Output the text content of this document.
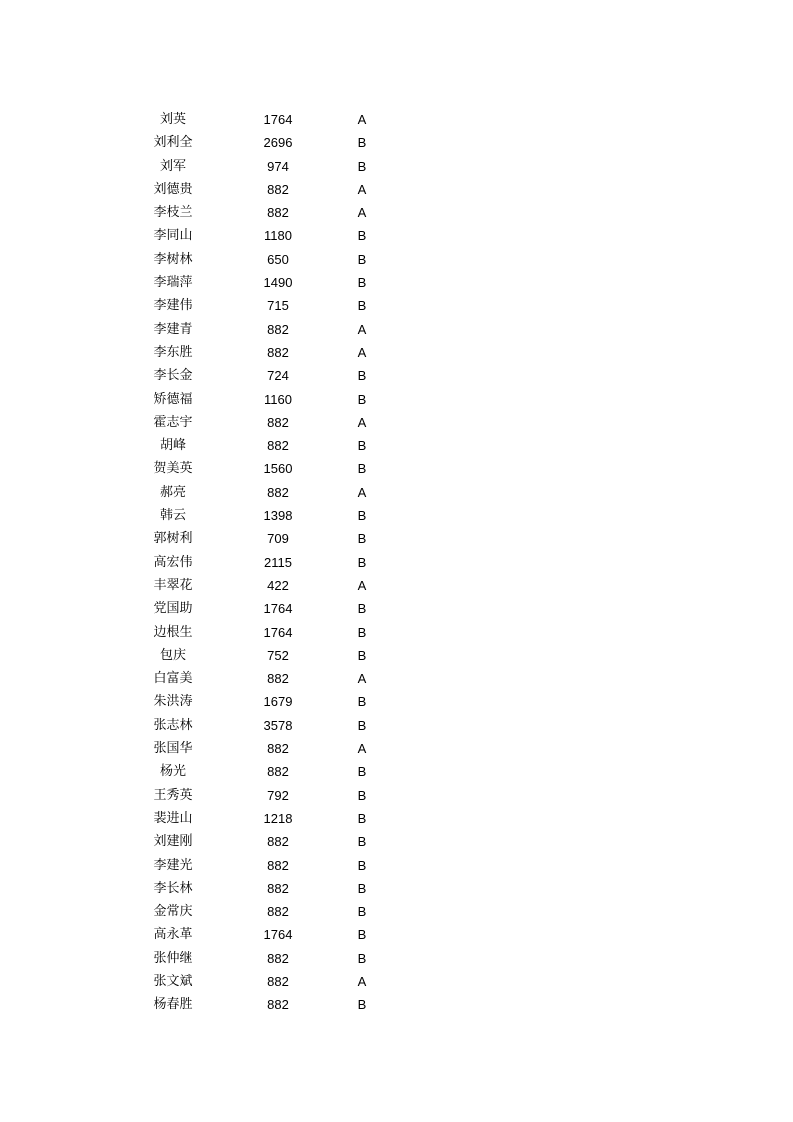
刘英	1764	A
刘利全	2696	B
刘军	974	B
刘德贵	882	A
李枝兰	882	A
李同山	1180	B
李树林	650	B
李瑞萍	1490	B
李建伟	715	B
李建青	882	A
李东胜	882	A
李长金	724	B
矫德福	1160	B
霍志宇	882	A
胡峰	882	B
贺美英	1560	B
郝亮	882	A
韩云	1398	B
郭树利	709	B
高宏伟	2115	B
丰翠花	422	A
党国助	1764	B
边根生	1764	B
包庆	752	B
白富美	882	A
朱洪涛	1679	B
张志林	3578	B
张国华	882	A
杨光	882	B
王秀英	792	B
裴进山	1218	B
刘建刚	882	B
李建光	882	B
李长林	882	B
金常庆	882	B
高永革	1764	B
张仲继	882	B
张文斌	882	A
杨春胜	882	B
